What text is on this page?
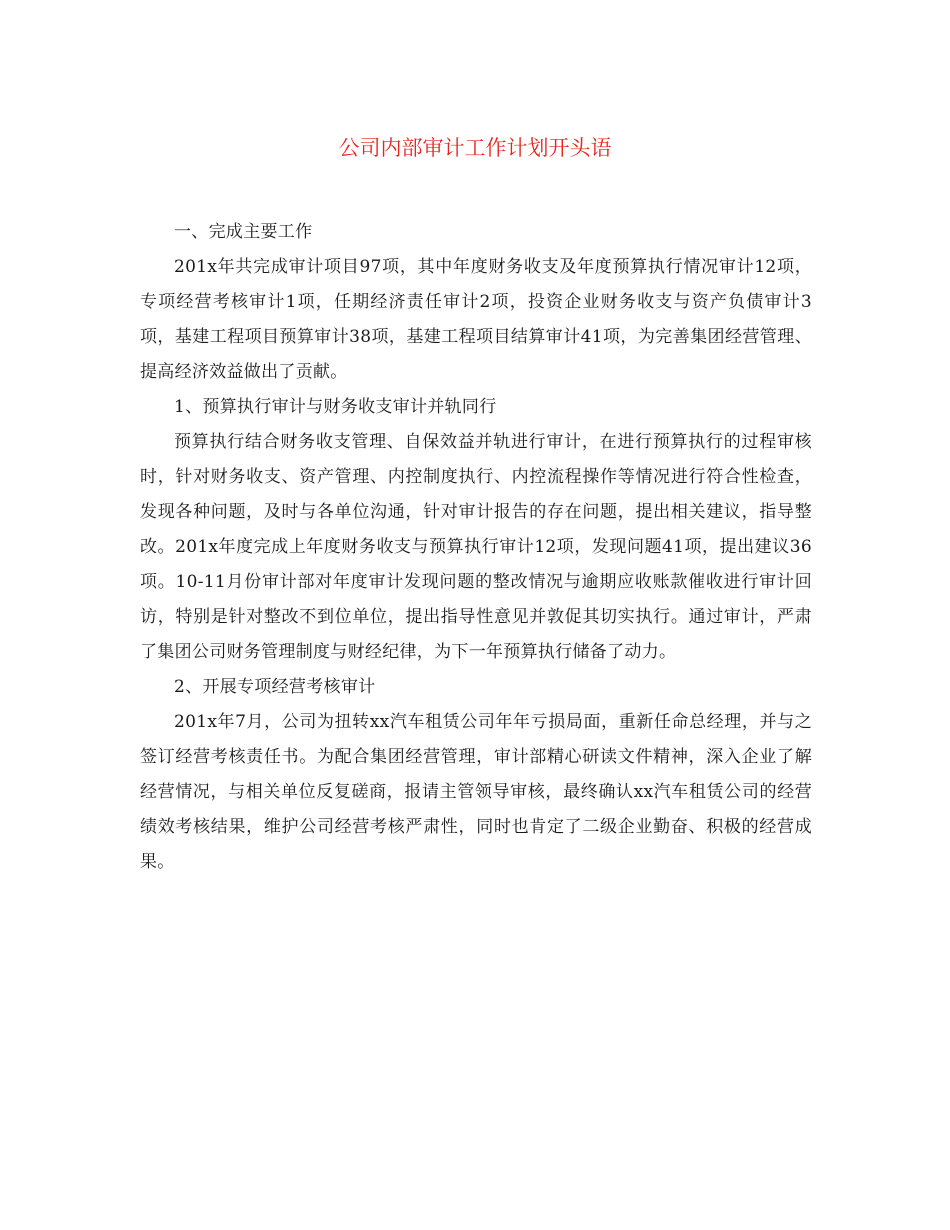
公司内部审计工作计划开头语

一、完成主要工作

201x年共完成审计项目97项，其中年度财务收支及年度预算执行情况审计12项，专项经营考核审计1项，任期经济责任审计2项，投资企业财务收支与资产负债审计3项，基建工程项目预算审计38项，基建工程项目结算审计41项，为完善集团经营管理、提高经济效益做出了贡献。

1、预算执行审计与财务收支审计并轨同行

预算执行结合财务收支管理、自保效益并轨进行审计，在进行预算执行的过程审核时，针对财务收支、资产管理、内控制度执行、内控流程操作等情况进行符合性检查，发现各种问题，及时与各单位沟通，针对审计报告的存在问题，提出相关建议，指导整改。201x年度完成上年度财务收支与预算执行审计12项，发现问题41项，提出建议36项。10-11月份审计部对年度审计发现问题的整改情况与逾期应收账款催收进行审计回访，特别是针对整改不到位单位，提出指导性意见并敦促其切实执行。通过审计，严肃了集团公司财务管理制度与财经纪律，为下一年预算执行储备了动力。

2、开展专项经营考核审计

201x年7月，公司为扭转xx汽车租赁公司年年亏损局面，重新任命总经理，并与之签订经营考核责任书。为配合集团经营管理，审计部精心研读文件精神，深入企业了解经营情况，与相关单位反复磋商，报请主管领导审核，最终确认xx汽车租赁公司的经营绩效考核结果，维护公司经营考核严肃性，同时也肯定了二级企业勤奋、积极的经营成果。
